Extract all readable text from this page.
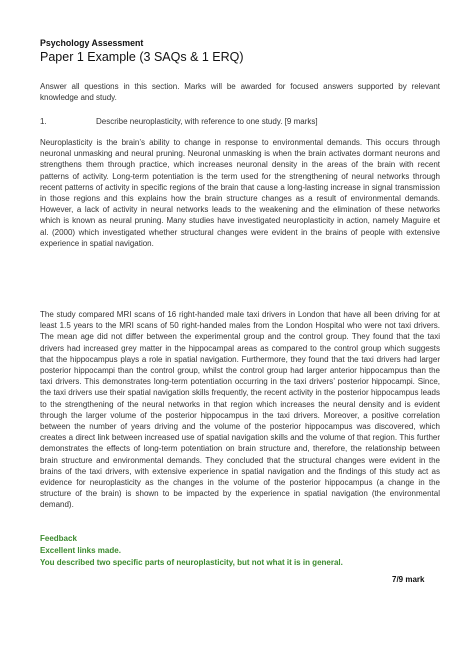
Psychology Assessment
Paper 1 Example (3 SAQs & 1 ERQ)
Answer all questions in this section. Marks will be awarded for focused answers supported by relevant knowledge and study.
1.	Describe neuroplasticity, with reference to one study. [9 marks]

Neuroplasticity is the brain’s ability to change in response to environmental demands. This occurs through neuronal unmasking and neural pruning. Neuronal unmasking is when the brain activates dormant neurons and strengthens them through practice, which increases neuronal density in the areas of the brain with recent patterns of activity. Long-term potentiation is the term used for the strengthening of neural networks through recent patterns of activity in specific regions of the brain that cause a long-lasting increase in signal transmission in those regions and this explains how the brain structure changes as a result of environmental demands. However, a lack of activity in neural networks leads to the weakening and the elimination of these networks which is known as neural pruning. Many studies have investigated neuroplasticity in action, namely Maguire et al. (2000) which investigated whether structural changes were evident in the brains of people with extensive experience in spatial navigation.

The study compared MRI scans of 16 right-handed male taxi drivers in London that have all been driving for at least 1.5 years to the MRI scans of 50 right-handed males from the London Hospital who were not taxi drivers. The mean age did not differ between the experimental group and the control group. They found that the taxi drivers had increased grey matter in the hippocampal areas as compared to the control group which suggests that the hippocampus plays a role in spatial navigation. Furthermore, they found that the taxi drivers had larger posterior hippocampi than the control group, whilst the control group had larger anterior hippocampus than the taxi drivers. This demonstrates long-term potentiation occurring in the taxi drivers’ posterior hippocampi. Since, the taxi drivers use their spatial navigation skills frequently, the recent activity in the posterior hippocampus leads to the strengthening of the neural networks in that region which increases the neural density and is evident through the larger volume of the posterior hippocampus in the taxi drivers. Moreover, a positive correlation between the number of years driving and the volume of the posterior hippocampus was discovered, which creates a direct link between increased use of spatial navigation skills and the volume of that region. This further demonstrates the effects of long-term potentiation on brain structure and, therefore, the relationship between brain structure and environmental demands. They concluded that the structural changes were evident in the brains of the taxi drivers, with extensive experience in spatial navigation and the findings of this study act as evidence for neuroplasticity as the changes in the volume of the posterior hippocampus (a change in the structure of the brain) is shown to be impacted by the experience in spatial navigation (the environmental demand).

Feedback

Excellent links made.

You described two specific parts of neuroplasticity, but not what it is in general.

7/9 mark
